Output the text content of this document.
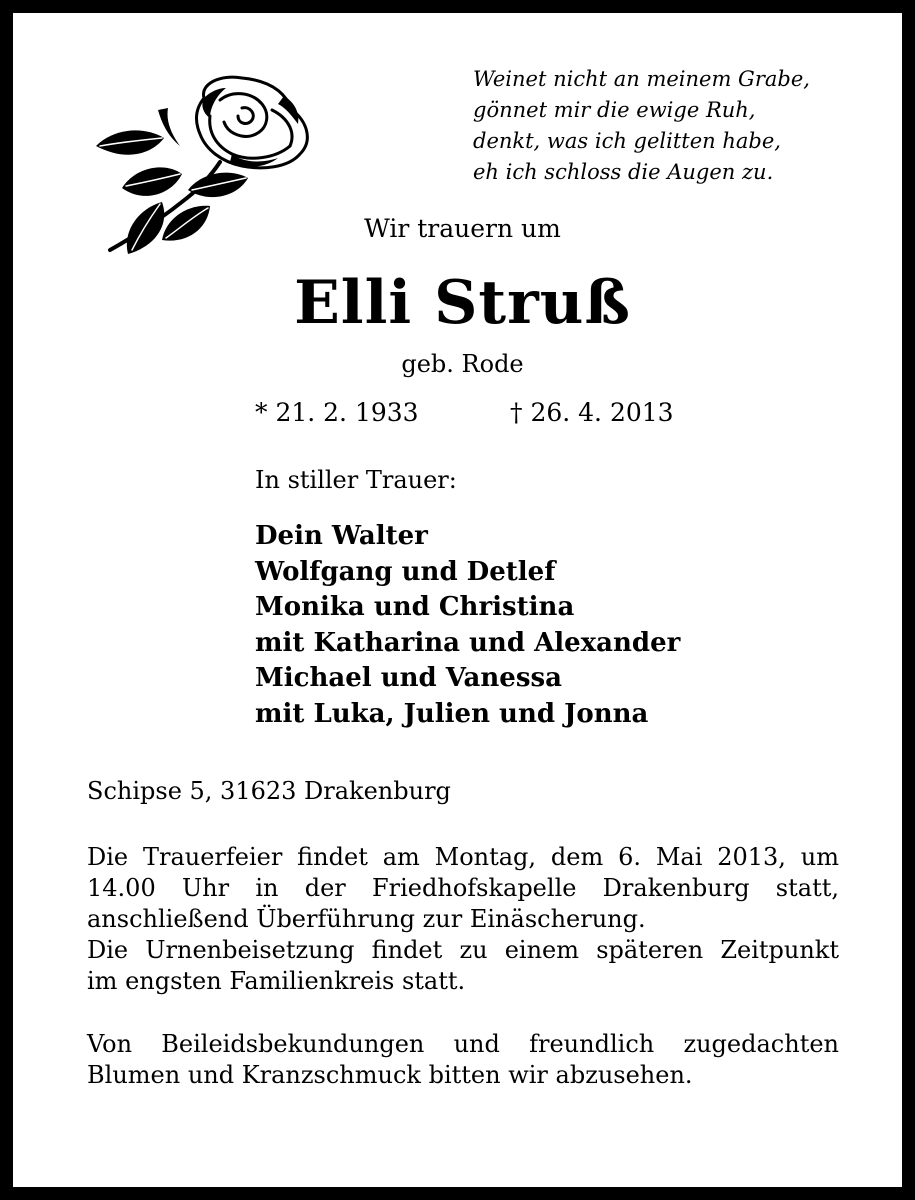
Weinet nicht an meinem Grabe,
gönnet mir die ewige Ruh,
denkt, was ich gelitten habe,
eh ich schloss die Augen zu.
Wir trauern um
Elli Struß
geb. Rode
* 21. 2. 1933	† 26. 4. 2013
In stiller Trauer:
Dein Walter
Wolfgang und Detlef
Monika und Christina
mit Katharina und Alexander
Michael und Vanessa
mit Luka, Julien und Jonna
Schipse 5, 31623 Drakenburg
Die Trauerfeier findet am Montag, dem 6. Mai 2013, um
14.00 Uhr in der Friedhofskapelle Drakenburg statt,
anschließend Überführung zur Einäscherung.
Die Urnenbeisetzung findet zu einem späteren Zeitpunkt
im engsten Familienkreis statt.
Von Beileidsbekundungen und freundlich zugedachten
Blumen und Kranzschmuck bitten wir abzusehen.
